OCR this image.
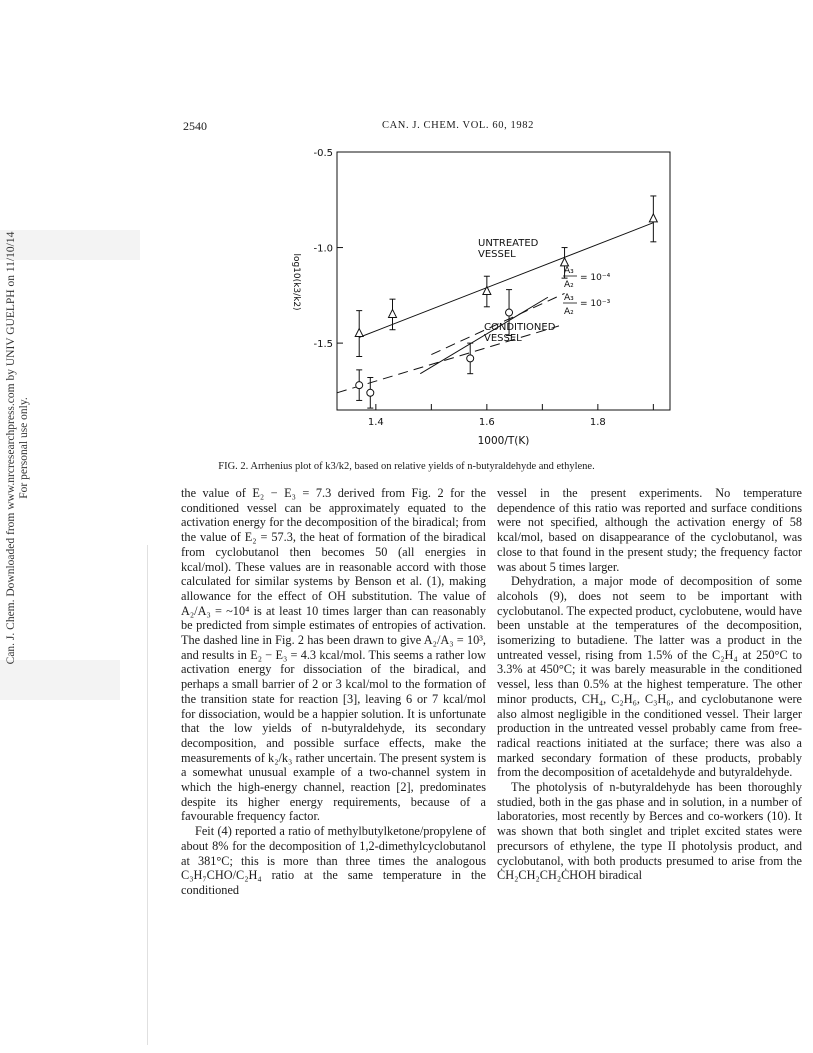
Can. J. Chem. Downloaded from www.nrcresearchpress.com by UNIV GUELPH on 11/10/14 For personal use only.
2540	CAN. J. CHEM. VOL. 60, 1982
-0.5
-1.0
-1.5
1.4	1.6	1.8
1000/T(K)
log10(k3/k2)
UNTREATED
VESSEL
CONDITIONED
VESSEL
A₃
A₂
= 10⁻⁴
A₃
A₂
= 10⁻³
FIG. 2. Arrhenius plot of k3/k2, based on relative yields of n-butyraldehyde and ethylene.

the value of E₂ − E₃ = 7.3 derived from Fig. 2 for the conditioned vessel can be approximately equated to the activation energy for the decomposition of the biradical; from the value of E₂ = 57.3, the heat of formation of the biradical from cyclobutanol then becomes 50 (all energies in kcal/mol). These values are in reasonable accord with those calculated for similar systems by Benson et al. (1), making allowance for the effect of OH substitution. The value of A₂/A₃ = ~10⁴ is at least 10 times larger than can reasonably be predicted from simple estimates of entropies of activation. The dashed line in Fig. 2 has been drawn to give A₂/A₃ = 10³, and results in E₂ − E₃ = 4.3 kcal/mol. This seems a rather low activation energy for dissociation of the biradical, and perhaps a small barrier of 2 or 3 kcal/mol to the formation of the transition state for reaction [3], leaving 6 or 7 kcal/mol for dissociation, would be a happier solution. It is unfortunate that the low yields of n-butyraldehyde, its secondary decomposition, and possible surface effects, make the measurements of k₂/k₃ rather uncertain. The present system is a somewhat unusual example of a two-channel system in which the high-energy channel, reaction [2], predominates despite its higher energy requirements, because of a favourable frequency factor.

Feit (4) reported a ratio of methylbutylketone/propylene of about 8% for the decomposition of 1,2-dimethylcyclobutanol at 381°C; this is more than three times the analogous C₃H₇CHO/C₂H₄ ratio at the same temperature in the conditioned

vessel in the present experiments. No temperature dependence of this ratio was reported and surface conditions were not specified, although the activation energy of 58 kcal/mol, based on disappearance of the cyclobutanol, was close to that found in the present study; the frequency factor was about 5 times larger.

Dehydration, a major mode of decomposition of some alcohols (9), does not seem to be important with cyclobutanol. The expected product, cyclobutene, would have been unstable at the temperatures of the decomposition, isomerizing to butadiene. The latter was a product in the untreated vessel, rising from 1.5% of the C₂H₄ at 250°C to 3.3% at 450°C; it was barely measurable in the conditioned vessel, less than 0.5% at the highest temperature. The other minor products, CH₄, C₂H₆, C₃H₆, and cyclobutanone were also almost negligible in the conditioned vessel. Their larger production in the untreated vessel probably came from free-radical reactions initiated at the surface; there was also a marked secondary formation of these products, probably from the decomposition of acetaldehyde and butyraldehyde.

The photolysis of n-butyraldehyde has been thoroughly studied, both in the gas phase and in solution, in a number of laboratories, most recently by Berces and co-workers (10). It was shown that both singlet and triplet excited states were precursors of ethylene, the type II photolysis product, and cyclobutanol, with both products presumed to arise from the ĊH₂CH₂CH₂ĊHOH biradical
